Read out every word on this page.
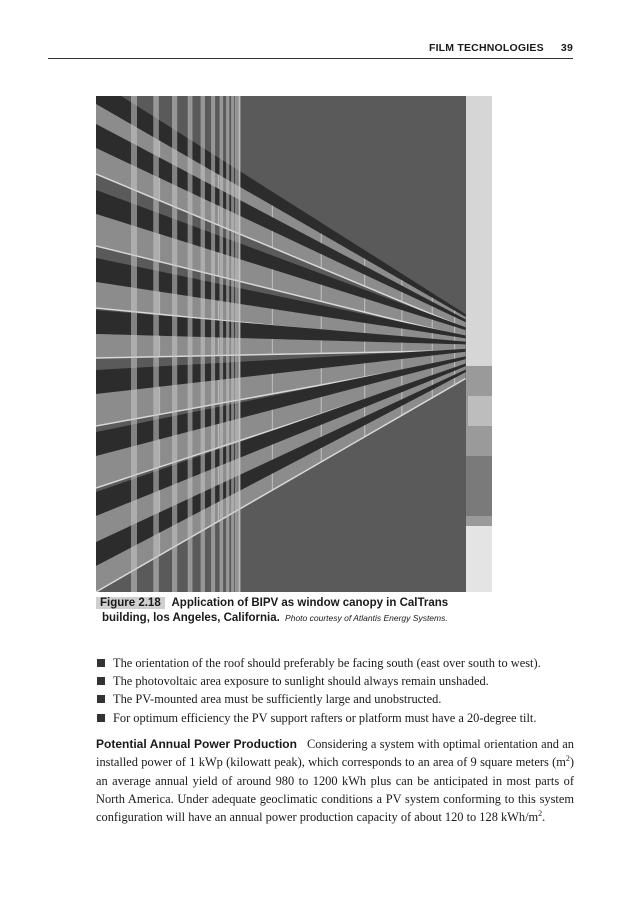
FILM TECHNOLOGIES 39
Figure 2.18 Application of BIPV as window canopy in CalTrans
building, los Angeles, California. Photo courtesy of Atlantis Energy Systems.
The orientation of the roof should preferably be facing south (east over south to west).
The photovoltaic area exposure to sunlight should always remain unshaded.
The PV-mounted area must be sufficiently large and unobstructed.
For optimum efficiency the PV support rafters or platform must have a 20-degree tilt.
Potential Annual Power Production Considering a system with optimal orientation and an installed power of 1 kWp (kilowatt peak), which corresponds to an area of 9 square meters $(m^2)$ an average annual yield of around 980 to 1200 kWh plus can be anticipated in most parts of North America. Under adequate geoclimatic conditions a PV system conforming to this system configuration will have an annual power production capacity of about 120 to 128 kWh/$m^2$.
